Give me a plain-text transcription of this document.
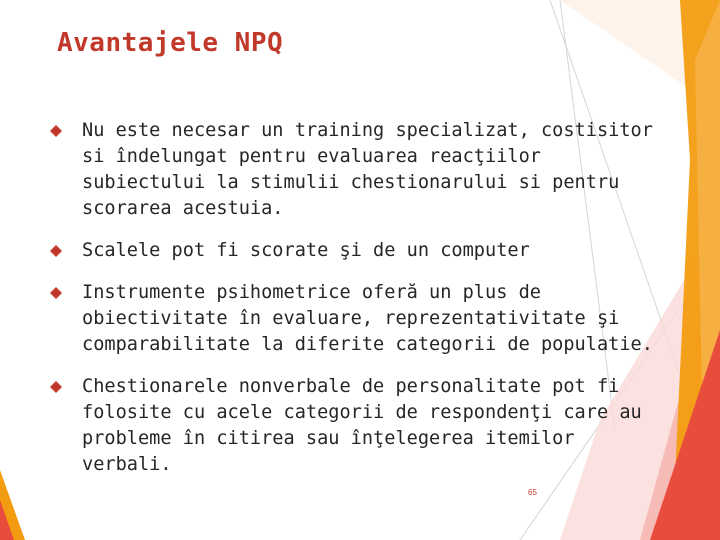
Avantajele NPQ
Nu este necesar un training specializat, costisitor si îndelungat pentru evaluarea reacţiilor subiectului la stimulii chestionarului si pentru scorarea acestuia.
Scalele pot fi scorate şi de un computer
Instrumente psihometrice oferă un plus de obiectivitate în evaluare, reprezentativitate şi comparabilitate la diferite categorii de populatie.
Chestionarele nonverbale de personalitate pot fi folosite cu acele categorii de respondenţi care au probleme în citirea sau înţelegerea itemilor verbali.
65
